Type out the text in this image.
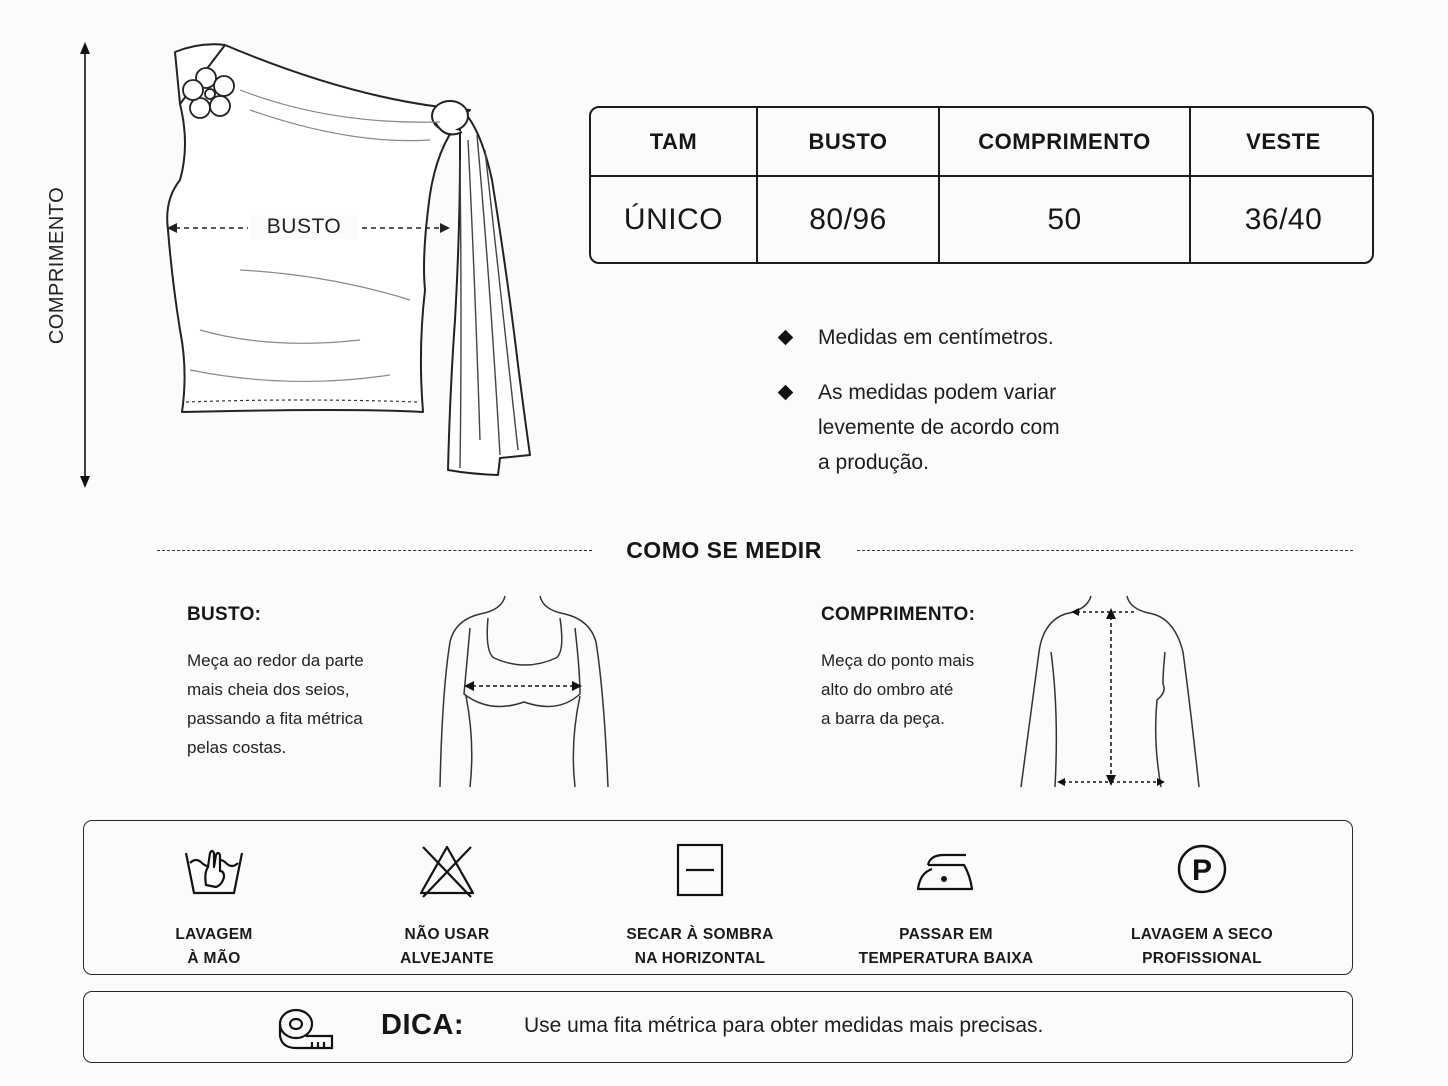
COMPRIMENTO	BUSTO
TAM	BUSTO	COMPRIMENTO	VESTE
ÚNICO	80/96	50	36/40
Medidas em centímetros.
As medidas podem variar
levemente de acordo com
a produção.
COMO SE MEDIR
BUSTO:
Meça ao redor da parte
mais cheia dos seios,
passando a fita métrica
pelas costas.
COMPRIMENTO:
Meça do ponto mais
alto do ombro até
a barra da peça.
LAVAGEM
À MÃO
NÃO USAR
ALVEJANTE
SECAR À SOMBRA
NA HORIZONTAL
PASSAR EM
TEMPERATURA BAIXA
P
LAVAGEM A SECO
PROFISSIONAL
DICA:	Use uma fita métrica para obter medidas mais precisas.
